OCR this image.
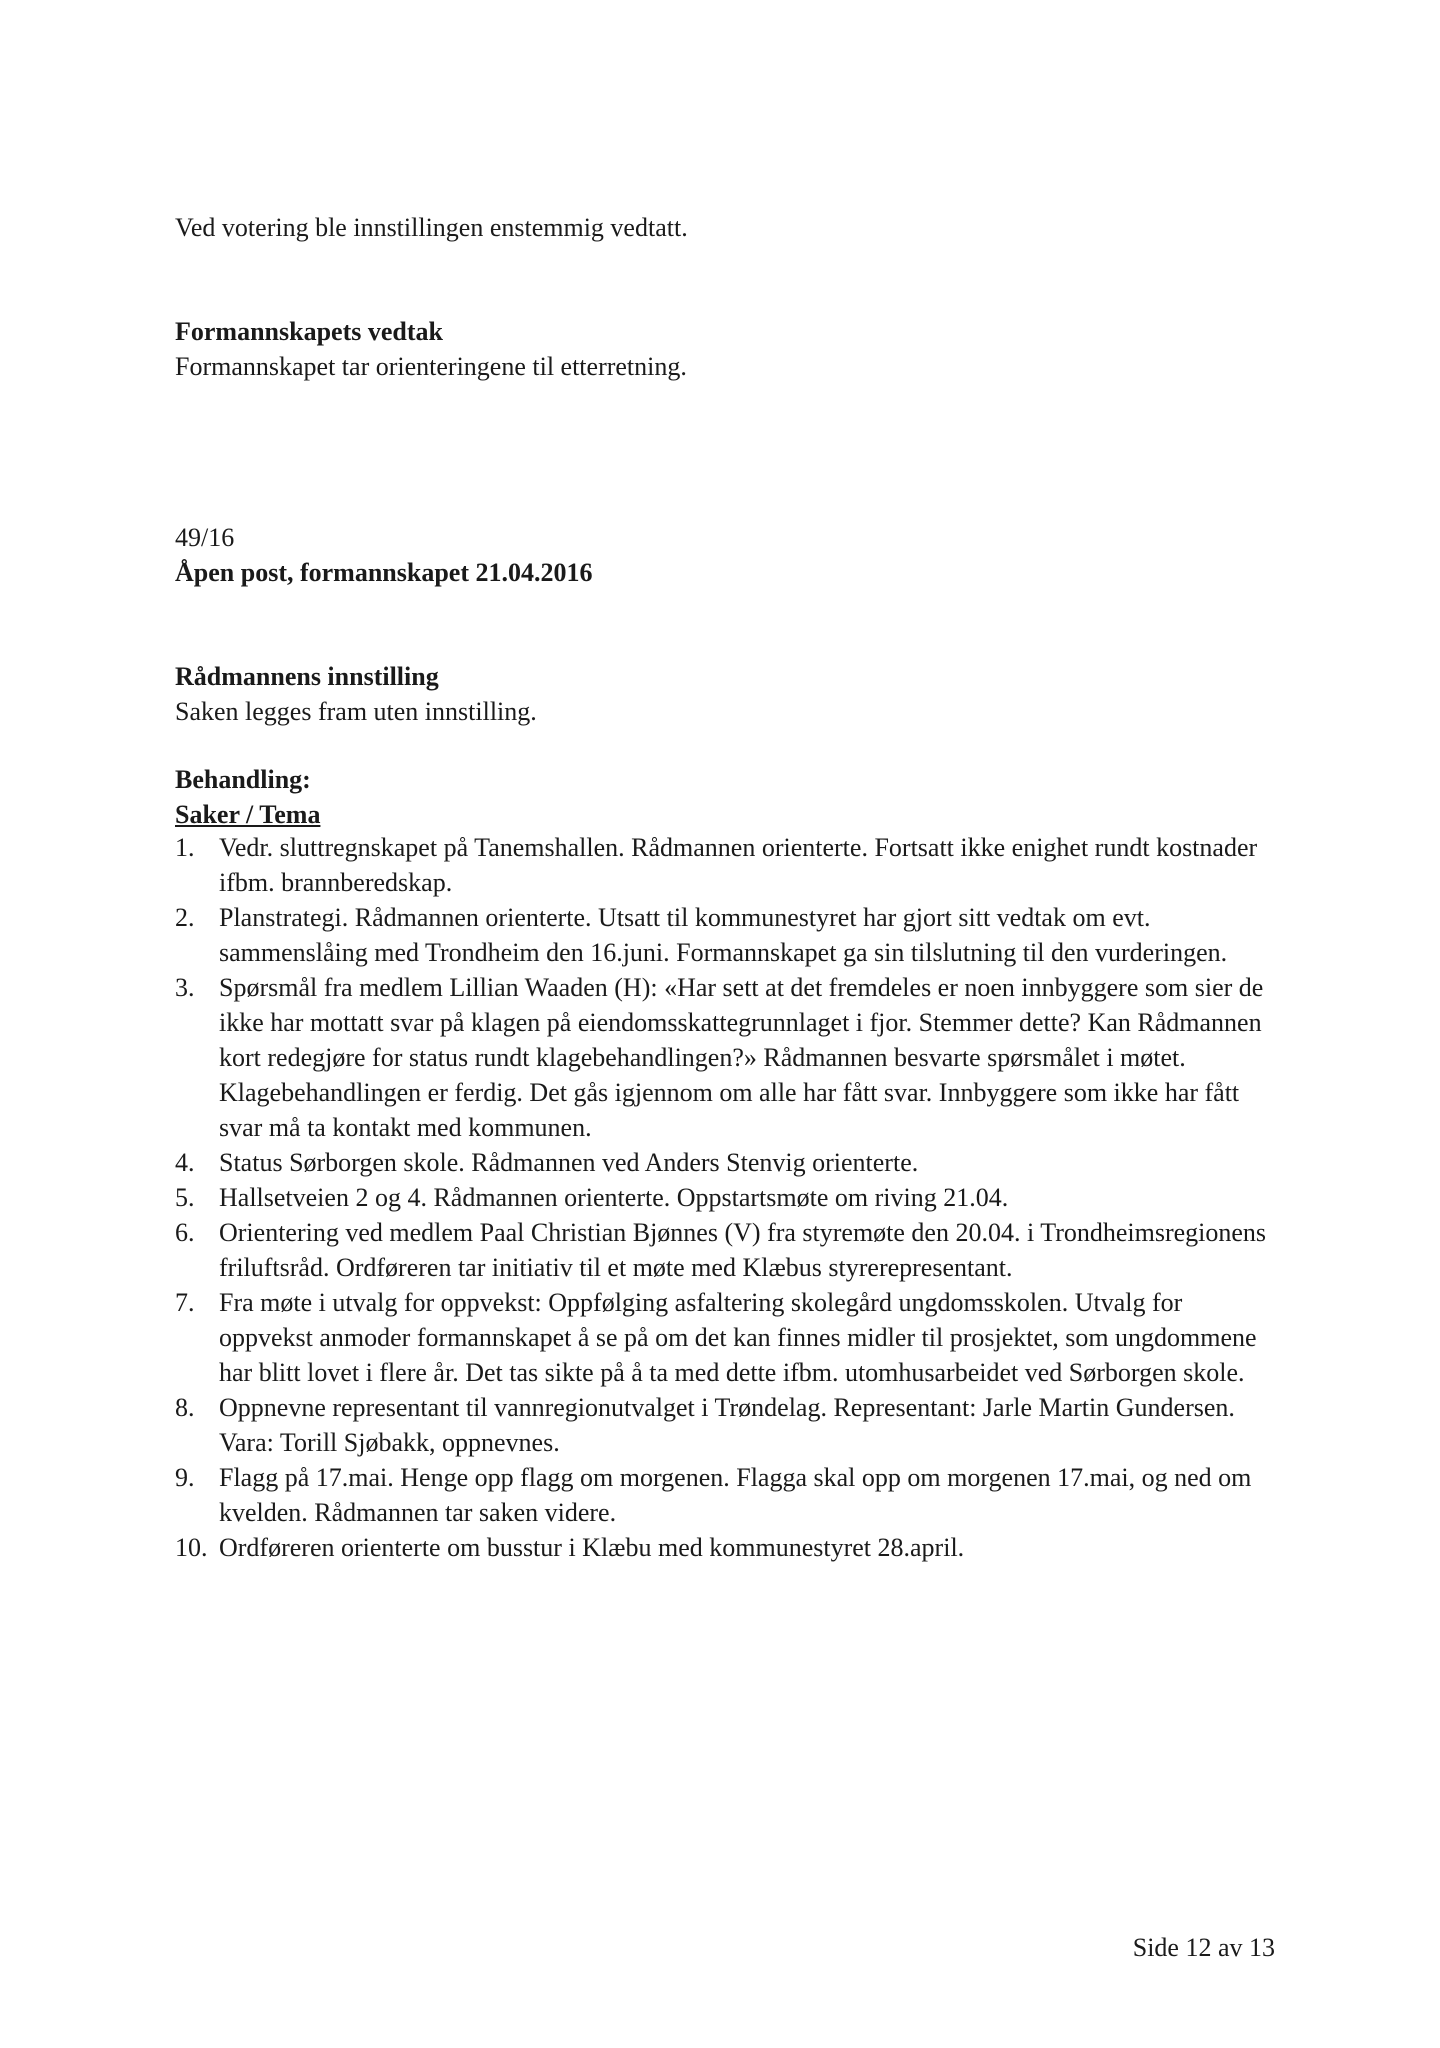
Ved votering ble innstillingen enstemmig vedtatt.

Formannskapets vedtak

Formannskapet tar orienteringene til etterretning.

49/16

Åpen post, formannskapet 21.04.2016

Rådmannens innstilling

Saken legges fram uten innstilling.

Behandling:

Saker / Tema

1. Vedr. sluttregnskapet på Tanemshallen. Rådmannen orienterte. Fortsatt ikke enighet rundt kostnader ifbm. brannberedskap.
2. Planstrategi. Rådmannen orienterte. Utsatt til kommunestyret har gjort sitt vedtak om evt. sammenslåing med Trondheim den 16.juni. Formannskapet ga sin tilslutning til den vurderingen.
3. Spørsmål fra medlem Lillian Waaden (H): «Har sett at det fremdeles er noen innbyggere som sier de ikke har mottatt svar på klagen på eiendomsskattegrunnlaget i fjor. Stemmer dette? Kan Rådmannen kort redegjøre for status rundt klagebehandlingen?» Rådmannen besvarte spørsmålet i møtet. Klagebehandlingen er ferdig. Det gås igjennom om alle har fått svar. Innbyggere som ikke har fått svar må ta kontakt med kommunen.
4. Status Sørborgen skole. Rådmannen ved Anders Stenvig orienterte.
5. Hallsetveien 2 og 4. Rådmannen orienterte. Oppstartsmøte om riving 21.04.
6. Orientering ved medlem Paal Christian Bjønnes (V) fra styremøte den 20.04. i Trondheimsregionens friluftsråd. Ordføreren tar initiativ til et møte med Klæbus styrerepresentant.
7. Fra møte i utvalg for oppvekst: Oppfølging asfaltering skolegård ungdomsskolen. Utvalg for oppvekst anmoder formannskapet å se på om det kan finnes midler til prosjektet, som ungdommene har blitt lovet i flere år. Det tas sikte på å ta med dette ifbm. utomhusarbeidet ved Sørborgen skole.
8. Oppnevne representant til vannregionutvalget i Trøndelag. Representant: Jarle Martin Gundersen. Vara: Torill Sjøbakk, oppnevnes.
9. Flagg på 17.mai. Henge opp flagg om morgenen. Flagga skal opp om morgenen 17.mai, og ned om kvelden. Rådmannen tar saken videre.
10. Ordføreren orienterte om busstur i Klæbu med kommunestyret 28.april.
Side 12 av 13
